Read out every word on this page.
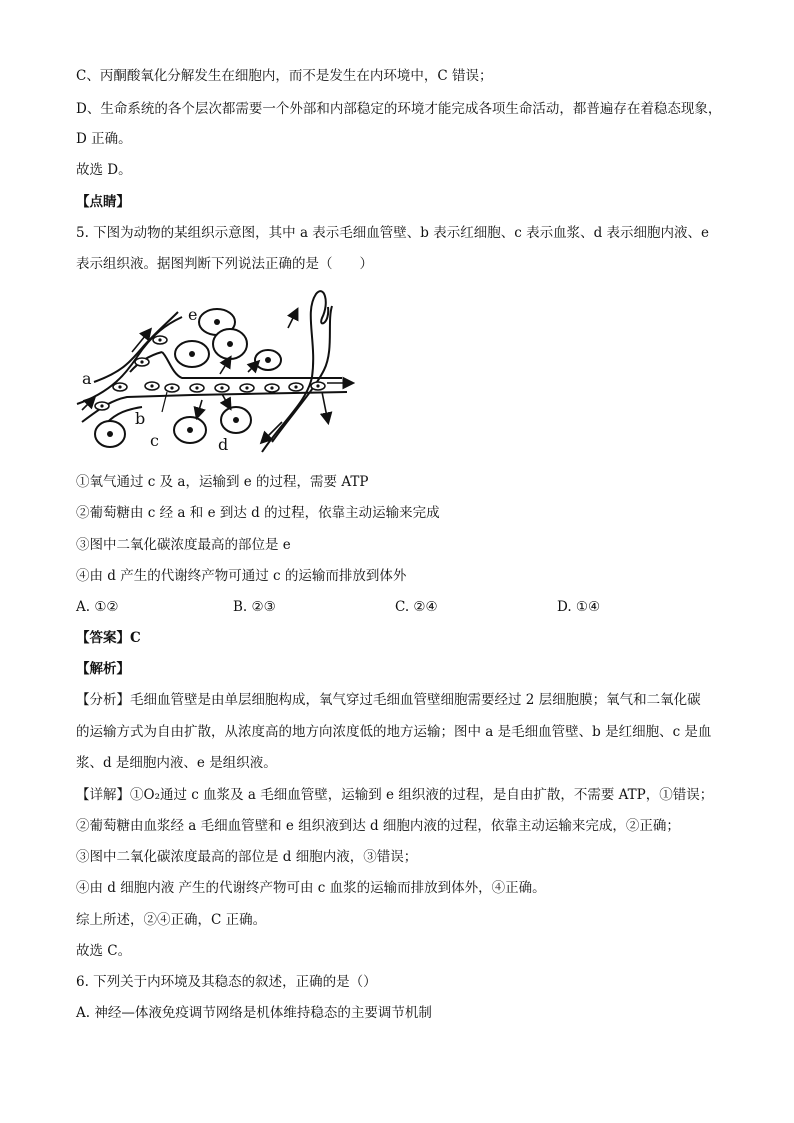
C、丙酮酸氧化分解发生在细胞内，而不是发生在内环境中，C 错误；
D、生命系统的各个层次都需要一个外部和内部稳定的环境才能完成各项生命活动，都普遍存在着稳态现象，
D 正确。
故选 D。
【点睛】
5. 下图为动物的某组织示意图，其中 a 表示毛细血管壁、b 表示红细胞、c 表示血浆、d 表示细胞内液、e
表示组织液。据图判断下列说法正确的是（　　）
a
b
c	d
e
①氧气通过 c 及 a，运输到 e 的过程，需要 ATP
②葡萄糖由 c 经 a 和 e 到达 d 的过程，依靠主动运输来完成
③图中二氧化碳浓度最高的部位是 e
④由 d 产生的代谢终产物可通过 c 的运输而排放到体外
A. ①②	B. ②③	C. ②④	D. ①④
【答案】C
【解析】
【分析】毛细血管壁是由单层细胞构成，氧气穿过毛细血管壁细胞需要经过 2 层细胞膜；氧气和二氧化碳
的运输方式为自由扩散，从浓度高的地方向浓度低的地方运输；图中 a 是毛细血管壁、b 是红细胞、c 是血
浆、d 是细胞内液、e 是组织液。
【详解】①O₂通过 c 血浆及 a 毛细血管壁，运输到 e 组织液的过程，是自由扩散，不需要 ATP，①错误；
②葡萄糖由血浆经 a 毛细血管壁和 e 组织液到达 d 细胞内液的过程，依靠主动运输来完成，②正确；
③图中二氧化碳浓度最高的部位是 d 细胞内液，③错误；
④由 d 细胞内液 产生的代谢终产物可由 c 血浆的运输而排放到体外，④正确。
综上所述，②④正确，C 正确。
故选 C。
6. 下列关于内环境及其稳态的叙述，正确的是（）
A. 神经—体液免疫调节网络是机体维持稳态的主要调节机制
